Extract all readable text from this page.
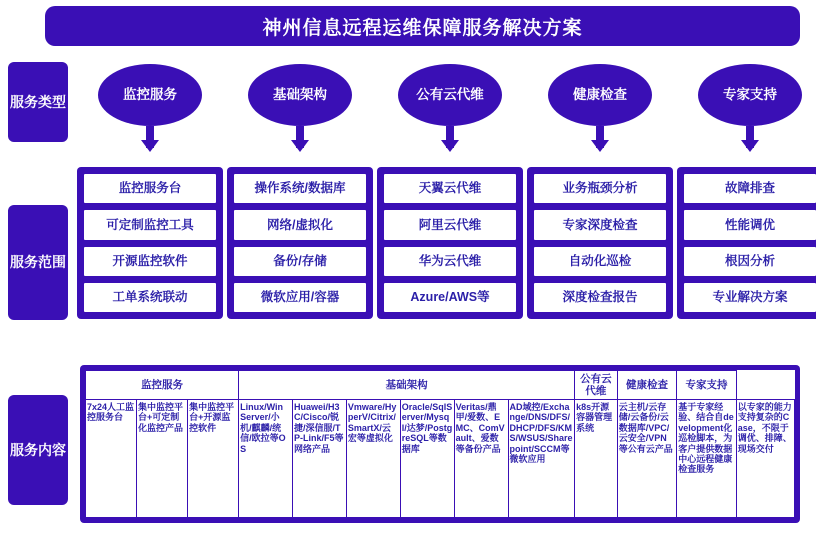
神州信息远程运维保障服务解决方案
服务类型
服务范围
服务内容
监控服务	基础架构	公有云代维	健康检查	专家支持
监控服务台
可定制监控工具
开源监控软件
工单系统联动
操作系统/数据库
网络/虚拟化
备份/存储
微软应用/容器
天翼云代维
阿里云代维
华为云代维
Azure/AWS等
业务瓶颈分析
专家深度检查
自动化巡检
深度检查报告
故障排查
性能调优
根因分析
专业解决方案
监控服务			基础架构						公有云代维	健康检查	专家支持	
7x24人工监控服务台	集中监控平台+可定制化监控产品	集中监控平台+开源监控软件	Linux/Win Server/小机/麒麟/统信/欧拉等OS	Huawei/H3C/Cisco/锐捷/深信服/TP-Link/F5等网络产品	Vmware/HyperV/Citrix/SmartX/云宏等虚拟化	Oracle/SqlServer/Mysql/达梦/PostgreSQL等数据库	Veritas/鼎甲/爱数、EMC、ComVault、爱数等备份产品	AD域控/Exchange/DNS/DFS/DHCP/DFS/KMS/WSUS/Sharepoint/SCCM等微软应用	k8s开源容器管理系统	云主机/云存储/云备份/云数据库/VPC/云安全/VPN等公有云产品	基于专家经验、结合自development化巡检脚本，为客户提供数据中心远程健康检查服务	以专家的能力支持复杂的Case，不限于调优、排障、现场交付
